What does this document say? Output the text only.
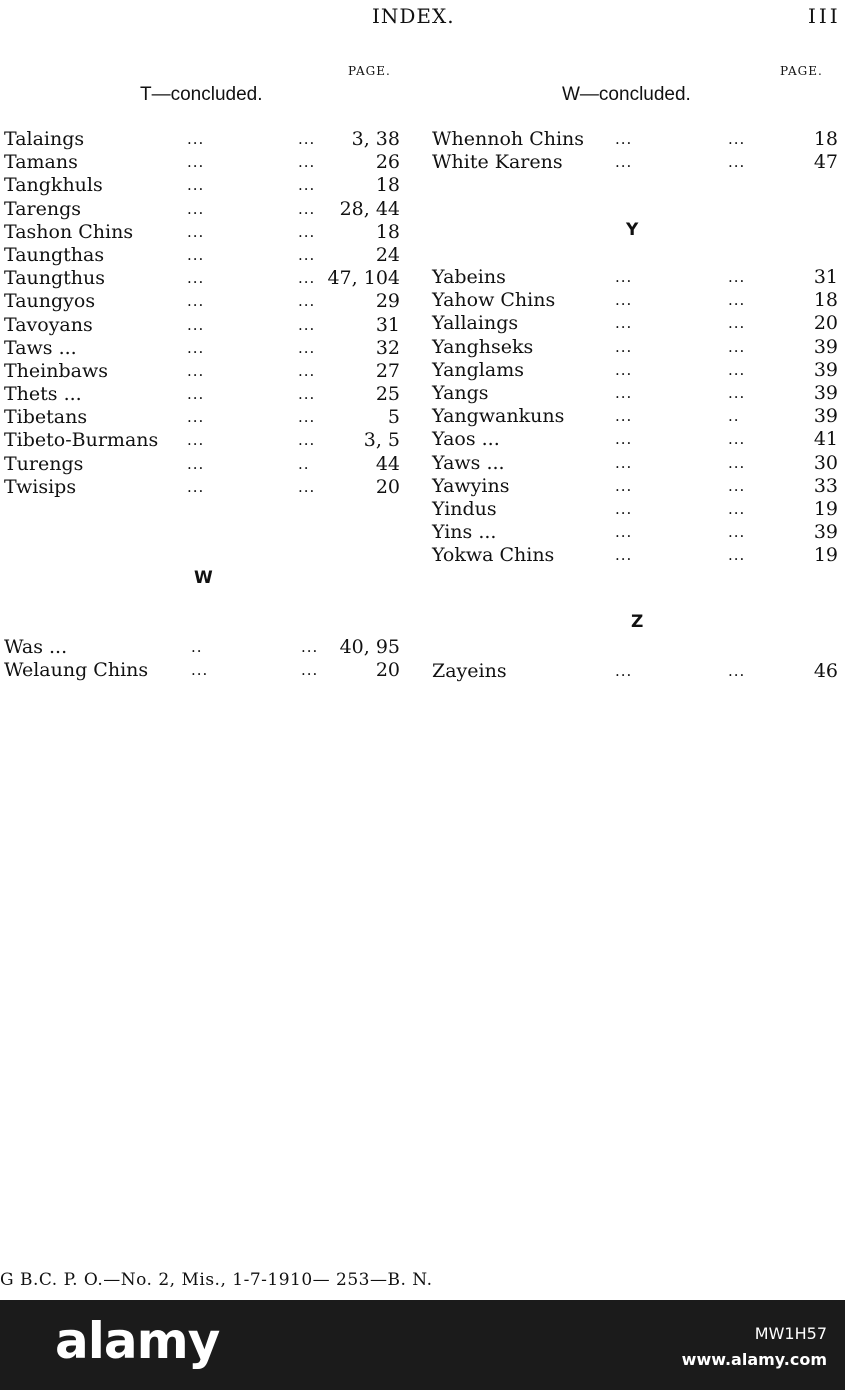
INDEX.	III
PAGE.
T—concluded.
PAGE.
W—concluded.
Talaings	...	... 3, 38
Tamans	...	...	26
Tangkhuls	...	...	18
Tarengs	...	... 28, 44
Tashon Chins	...	...	18
Taungthas	...	...	24
Taungthus	...	... 47, 104
Taungyos	...	...	29
Tavoyans	...	...	31
Taws ...	...	...	32
Theinbaws	...	...	27
Thets ...	...	...	25
Tibetans	...	...	5
Tibeto-Burmans ...	...	3, 5
Turengs	...	..	44
Twisips	...	...	20
W
Was ...	..	... 40, 95
Welaung Chins	...	...	20
Whennoh Chins ...	...	18
White Karens	...	...	47
Y
Yabeins	...	...	31
Yahow Chins	...	...	18
Yallaings	...	...	20
Yanghseks	...	...	39
Yanglams	...	...	39
Yangs	...	...	39
Yangwankuns	...	..	39
Yaos ...	...	...	41
Yaws ...	...	...	30
Yawyins	...	...	33
Yindus	...	...	19
Yins ...	...	...	39
Yokwa Chins	...	...	19
Z
Zayeins	...	...	46
G B.C. P. O.—No. 2, Mis., 1-7-1910— 253—B. N.
alamy	MW1H57
www.alamy.com
